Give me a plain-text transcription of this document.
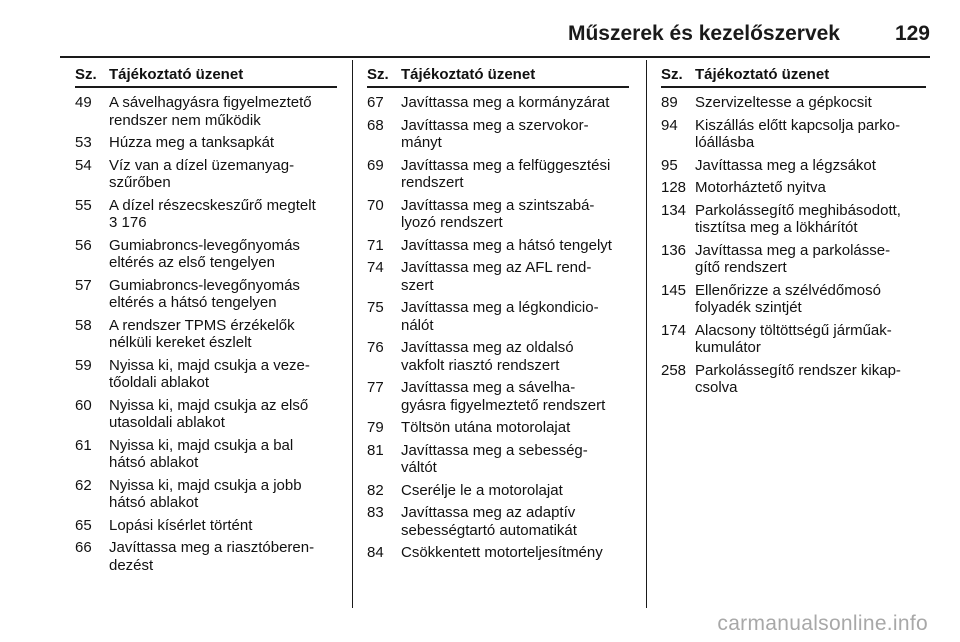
Műszerek és kezelőszervek	129
Sz. Tájékoztató üzenet
49	A sávelhagyásra figyelmeztető
rendszer nem működik
53	Húzza meg a tanksapkát
54	Víz van a dízel üzemanyag-
szűrőben
55	A dízel részecskeszűrő megtelt
3 176
56	Gumiabroncs-levegőnyomás
eltérés az első tengelyen
57	Gumiabroncs-levegőnyomás
eltérés a hátsó tengelyen
58	A rendszer TPMS érzékelők
nélküli kereket észlelt
59	Nyissa ki, majd csukja a veze-
tőoldali ablakot
60	Nyissa ki, majd csukja az első
utasoldali ablakot
61	Nyissa ki, majd csukja a bal
hátsó ablakot
62	Nyissa ki, majd csukja a jobb
hátsó ablakot
65	Lopási kísérlet történt
66	Javíttassa meg a riasztóberen-
dezést
Sz. Tájékoztató üzenet
67	Javíttassa meg a kormányzárat
68	Javíttassa meg a szervokor-
mányt
69	Javíttassa meg a felfüggesztési
rendszert
70	Javíttassa meg a szintszabá-
lyozó rendszert
71	Javíttassa meg a hátsó tengelyt
74	Javíttassa meg az AFL rend-
szert
75	Javíttassa meg a légkondicio-
nálót
76	Javíttassa meg az oldalsó
vakfolt riasztó rendszert
77	Javíttassa meg a sávelha-
gyásra figyelmeztető rendszert
79	Töltsön utána motorolajat
81	Javíttassa meg a sebesség-
váltót
82	Cserélje le a motorolajat
83	Javíttassa meg az adaptív
sebességtartó automatikát
84	Csökkentett motorteljesítmény
Sz. Tájékoztató üzenet
89	Szervizeltesse a gépkocsit
94	Kiszállás előtt kapcsolja parko-
lóállásba
95	Javíttassa meg a légzsákot
128 Motorháztető nyitva
134 Parkolássegítő meghibásodott,
tisztítsa meg a lökhárítót
136 Javíttassa meg a parkolásse-
gítő rendszert
145 Ellenőrizze a szélvédőmosó
folyadék szintjét
174 Alacsony töltöttségű járműak-
kumulátor
258 Parkolássegítő rendszer kikap-
csolva
carmanualsonline.info
